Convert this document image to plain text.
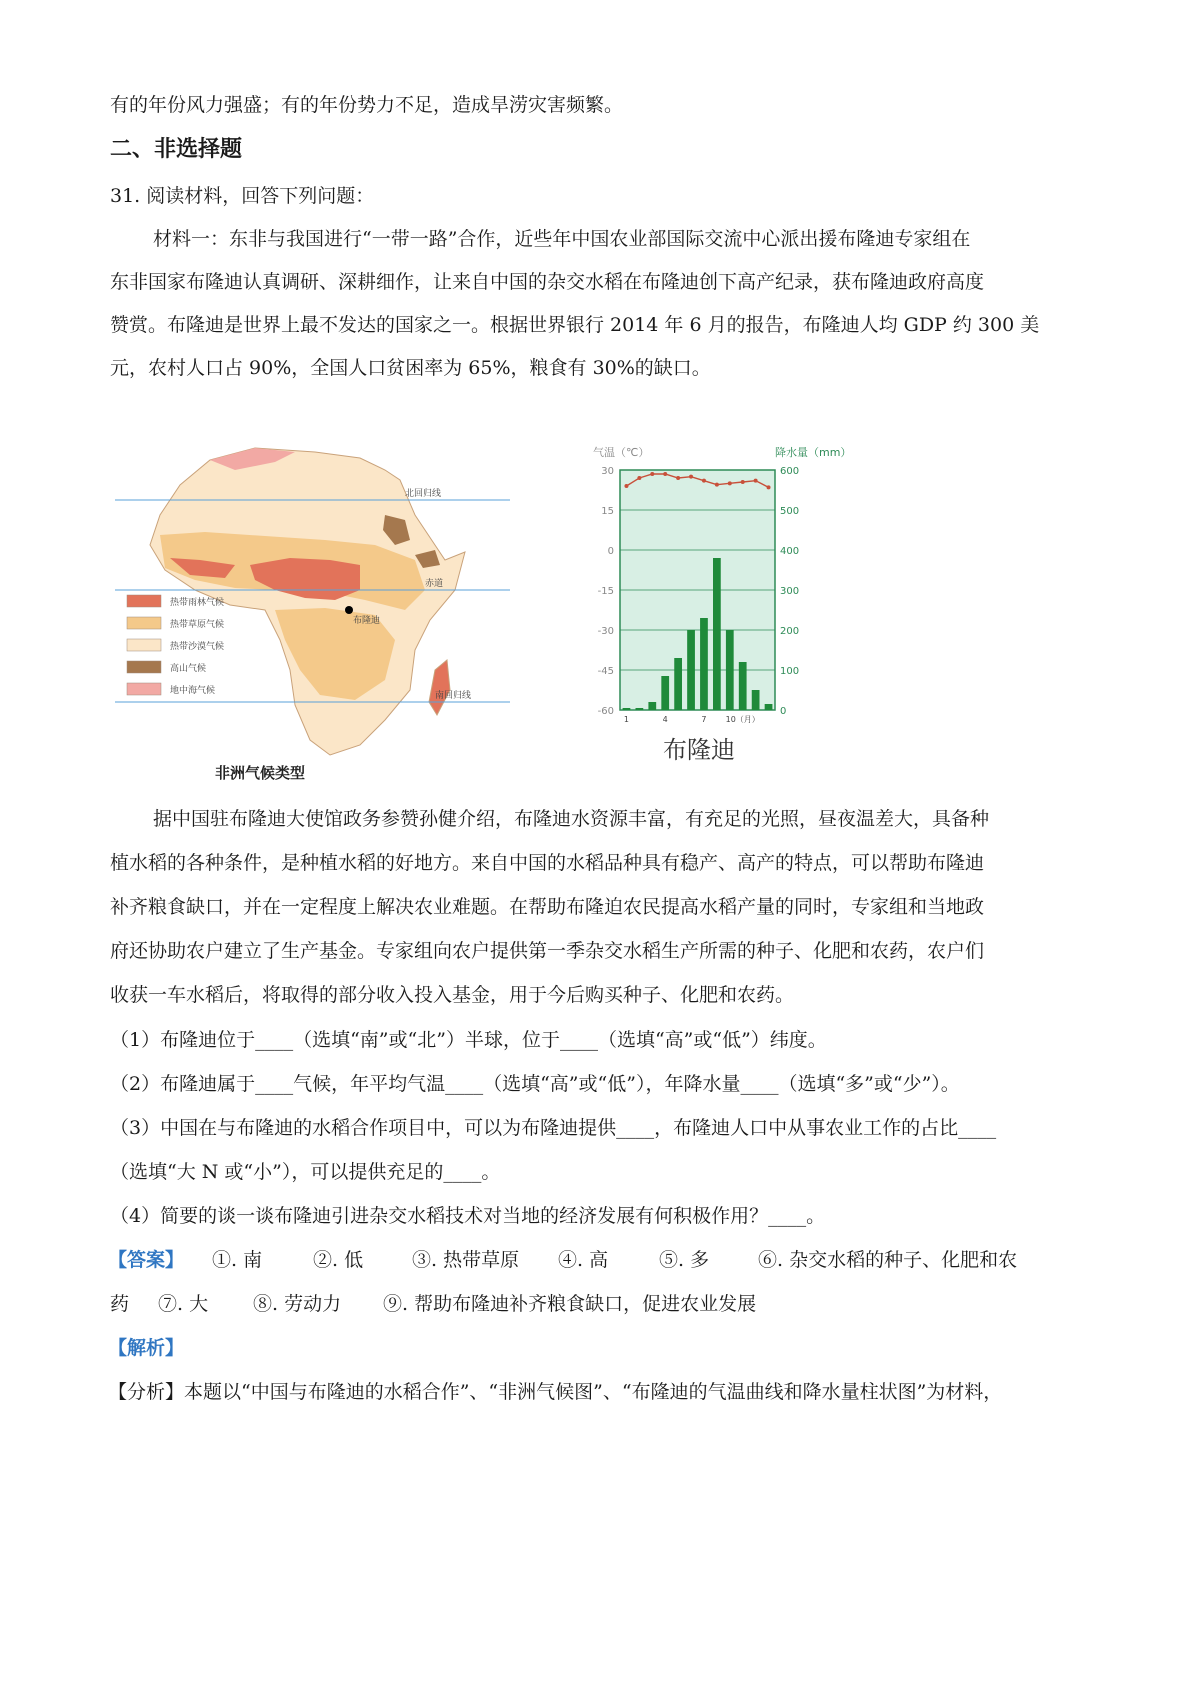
有的年份风力强盛；有的年份势力不足，造成旱涝灾害频繁。
二、非选择题
31. 阅读材料，回答下列问题：
材料一：东非与我国进行“一带一路”合作，近些年中国农业部国际交流中心派出援布隆迪专家组在
东非国家布隆迪认真调研、深耕细作，让来自中国的杂交水稻在布隆迪创下高产纪录，获布隆迪政府高度
赞赏。布隆迪是世界上最不发达的国家之一。根据世界银行 2014 年 6 月的报告，布隆迪人均 GDP 约 300 美
元，农村人口占 90%，全国人口贫困率为 65%，粮食有 30%的缺口。
北回归线
赤道
南回归线
布隆迪
热带雨林气候
热带草原气候
热带沙漠气候
高山气候
地中海气候
非洲气候类型
气温（℃）	降水量（mm）
30
15
0
-15
-30
-45
-60
600
500
400
300
200
100
0
1	4	7 10（月）
布隆迪
据中国驻布隆迪大使馆政务参赞孙健介绍，布隆迪水资源丰富，有充足的光照，昼夜温差大，具备种
植水稻的各种条件，是种植水稻的好地方。来自中国的水稻品种具有稳产、高产的特点，可以帮助布隆迪
补齐粮食缺口，并在一定程度上解决农业难题。在帮助布隆迫农民提高水稻产量的同时，专家组和当地政
府还协助农户建立了生产基金。专家组向农户提供第一季杂交水稻生产所需的种子、化肥和农药，农户们
收获一车水稻后，将取得的部分收入投入基金，用于今后购买种子、化肥和农药。
（1）布隆迪位于____（选填“南”或“北”）半球，位于____（选填“高”或“低”）纬度。
（2）布隆迪属于____气候，年平均气温____（选填“高”或“低”），年降水量____（选填“多”或“少”）。
（3）中国在与布隆迪的水稻合作项目中，可以为布隆迪提供____，布隆迪人口中从事农业工作的占比____
（选填“大 N 或“小”），可以提供充足的____。
（4）简要的谈一谈布隆迪引进杂交水稻技术对当地的经济发展有何积极作用？____。
【答案】 ①. 南	②. 低	③. 热带草原 ④. 高	⑤. 多	⑥. 杂交水稻的种子、化肥和农
药 ⑦. 大 ⑧. 劳动力 ⑨. 帮助布隆迪补齐粮食缺口，促进农业发展
【解析】
【分析】本题以“中国与布隆迪的水稻合作”、“非洲气候图”、“布隆迪的气温曲线和降水量柱状图”为材料，
